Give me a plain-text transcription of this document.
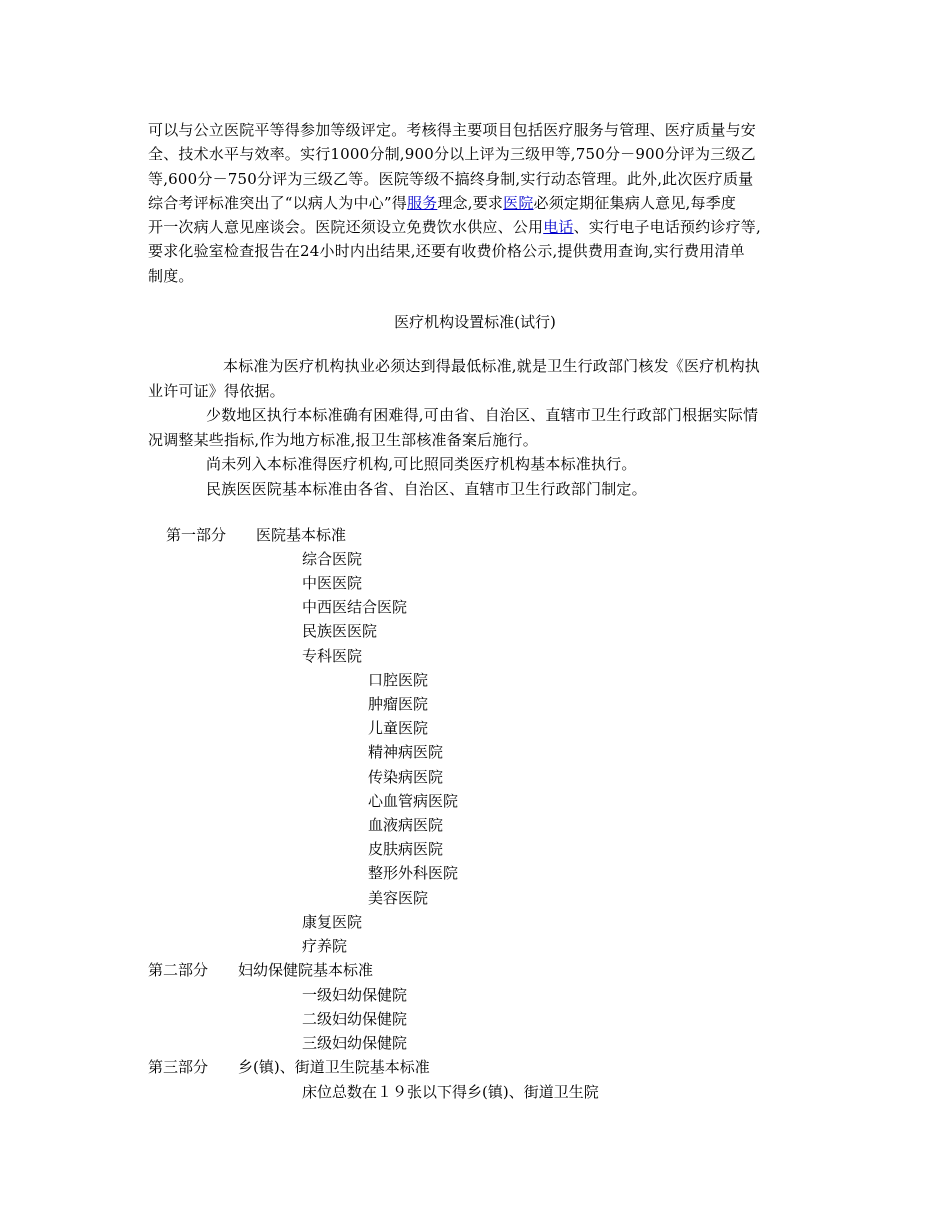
可以与公立医院平等得参加等级评定。考核得主要项目包括医疗服务与管理、医疗质量与安
全、技术水平与效率。实行1000分制,900分以上评为三级甲等,750分－900分评为三级乙
等,600分－750分评为三级乙等。医院等级不搞终身制,实行动态管理。此外,此次医疗质量
综合考评标准突出了“以病人为中心”得服务理念,要求医院必须定期征集病人意见,每季度
开一次病人意见座谈会。医院还须设立免费饮水供应、公用电话、实行电子电话预约诊疗等,
要求化验室检查报告在24小时内出结果,还要有收费价格公示,提供费用查询,实行费用清单
制度。
医疗机构设置标准(试行)
本标准为医疗机构执业必须达到得最低标准,就是卫生行政部门核发《医疗机构执
业许可证》得依据。
少数地区执行本标准确有困难得,可由省、自治区、直辖市卫生行政部门根据实际情
况调整某些指标,作为地方标准,报卫生部核准备案后施行。
尚未列入本标准得医疗机构,可比照同类医疗机构基本标准执行。
民族医医院基本标准由各省、自治区、直辖市卫生行政部门制定。
第一部分 医院基本标准
综合医院
中医医院
中西医结合医院
民族医医院
专科医院
口腔医院
肿瘤医院
儿童医院
精神病医院
传染病医院
心血管病医院
血液病医院
皮肤病医院
整形外科医院
美容医院
康复医院
疗养院
第二部分 妇幼保健院基本标准
一级妇幼保健院
二级妇幼保健院
三级妇幼保健院
第三部分 乡(镇)、街道卫生院基本标准
床位总数在１９张以下得乡(镇)、街道卫生院
